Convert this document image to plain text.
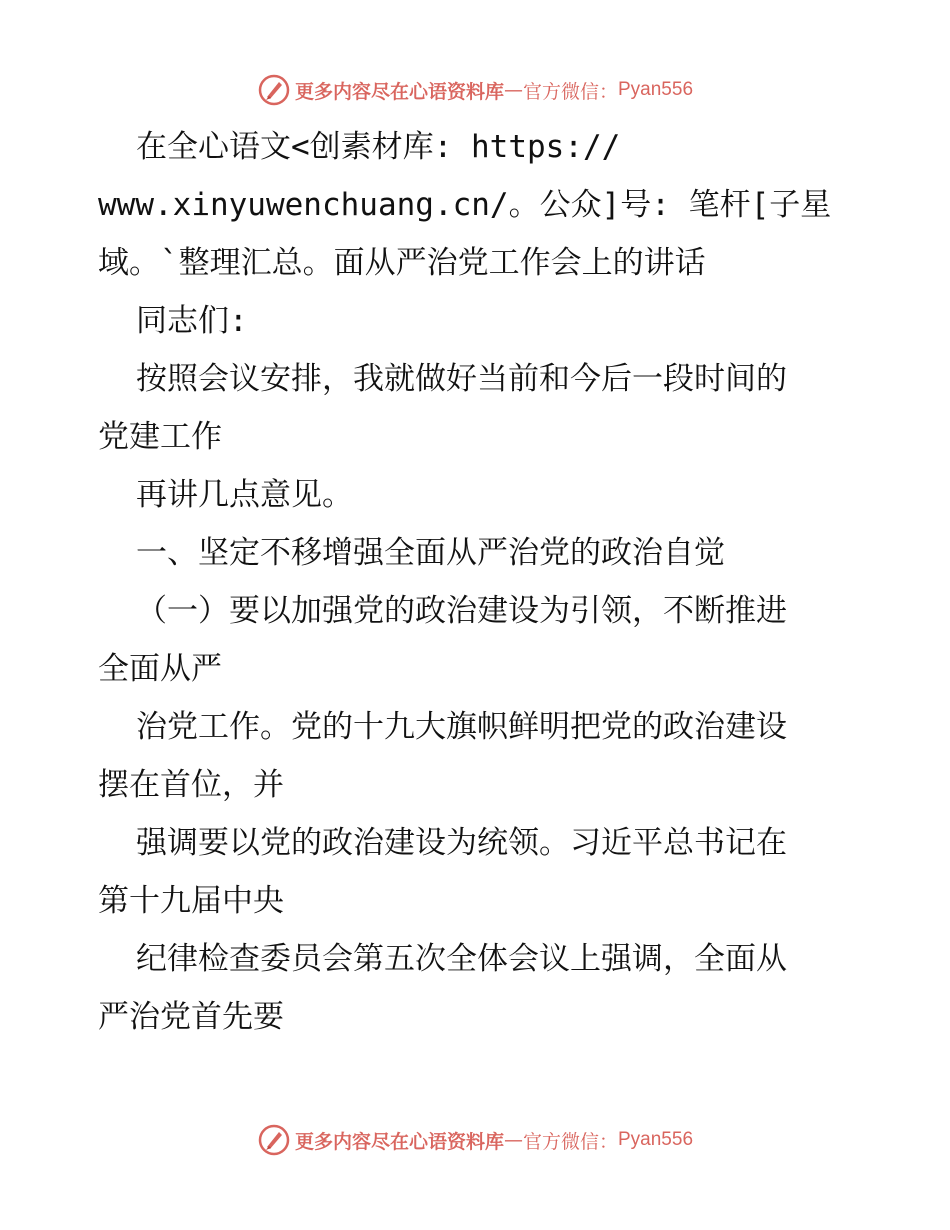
更多内容尽在心语资料库 — 官方微信： Pyan556
在全心语文<创素材库: https://
www.xinyuwenchuang.cn/。公众]号: 笔杆[子星
域。`整理汇总。面从严治党工作会上的讲话
同志们:
按照会议安排，我就做好当前和今后一段时间的
党建工作
再讲几点意见。
一、坚定不移增强全面从严治党的政治自觉
（一）要以加强党的政治建设为引领，不断推进
全面从严
治党工作。党的十九大旗帜鲜明把党的政治建设
摆在首位，并
强调要以党的政治建设为统领。习近平总书记在
第十九届中央
纪律检查委员会第五次全体会议上强调，全面从
严治党首先要
更多内容尽在心语资料库 — 官方微信： Pyan556
